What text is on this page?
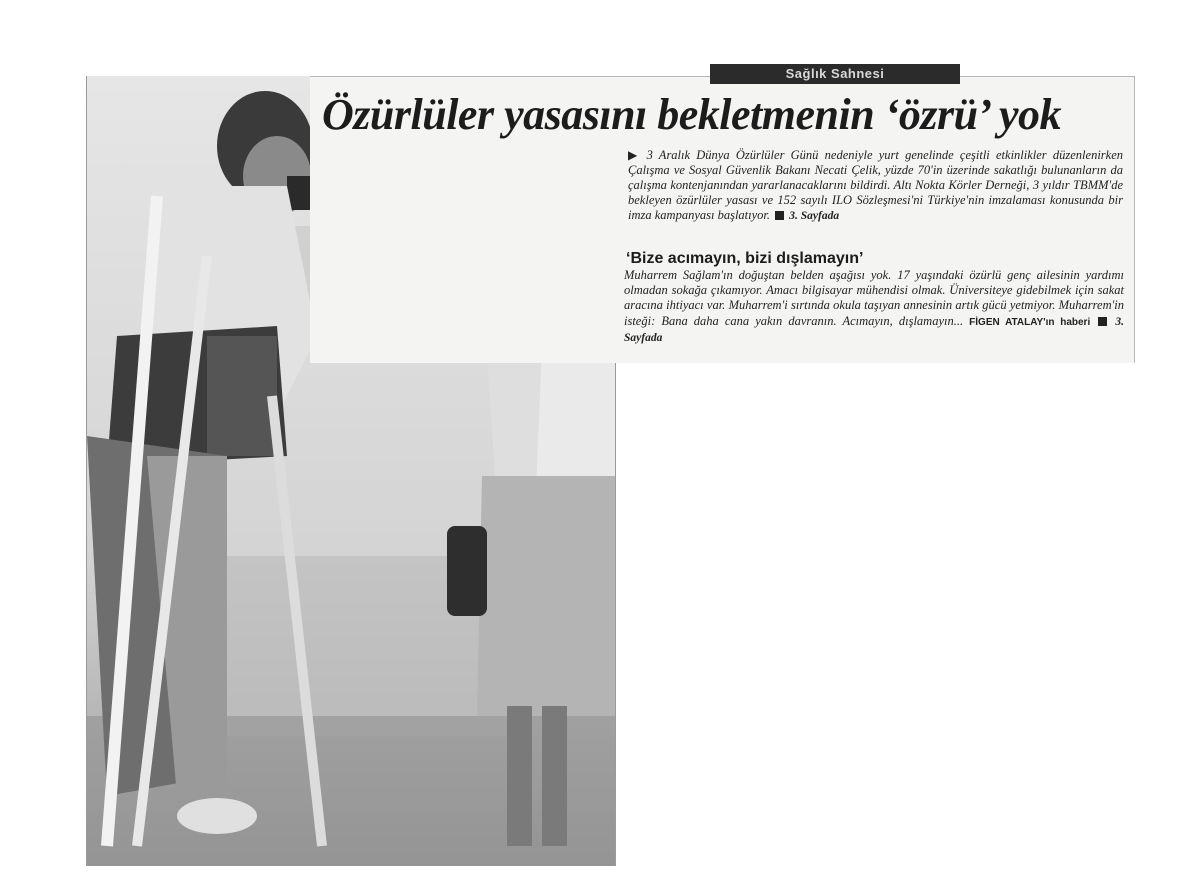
Sağlık Sahnesi
Özürlüler yasasını bekletmenin ‘özrü’ yok
▶ 3 Aralık Dünya Özürlüler Günü nedeniyle yurt genelinde çeşitli etkinlikler düzenlenirken Çalışma ve Sosyal Güvenlik Bakanı Necati Çelik, yüzde 70'in üzerinde sakatlığı bulunanların da çalışma kontenjanından yararlanacaklarını bildirdi. Altı Nokta Körler Derneği, 3 yıldır TBMM'de bekleyen özürlüler yasası ve 152 sayılı ILO Sözleşmesi'ni Türkiye'nin imzalaması konusunda bir imza kampanyası başlatıyor. 3. Sayfada
‘Bize acımayın, bizi dışlamayın’
Muharrem Sağlam'ın doğuştan belden aşağısı yok. 17 yaşındaki özürlü genç ailesinin yardımı olmadan sokağa çıkamıyor. Amacı bilgisayar mühendisi olmak. Üniversiteye gidebilmek için sakat aracına ihtiyacı var. Muharrem'i sırtında okula taşıyan annesinin artık gücü yetmiyor. Muharrem'in isteği: Bana daha cana yakın davranın. Acımayın, dışlamayın... FİGEN ATALAY'ın haberi 3. Sayfada
